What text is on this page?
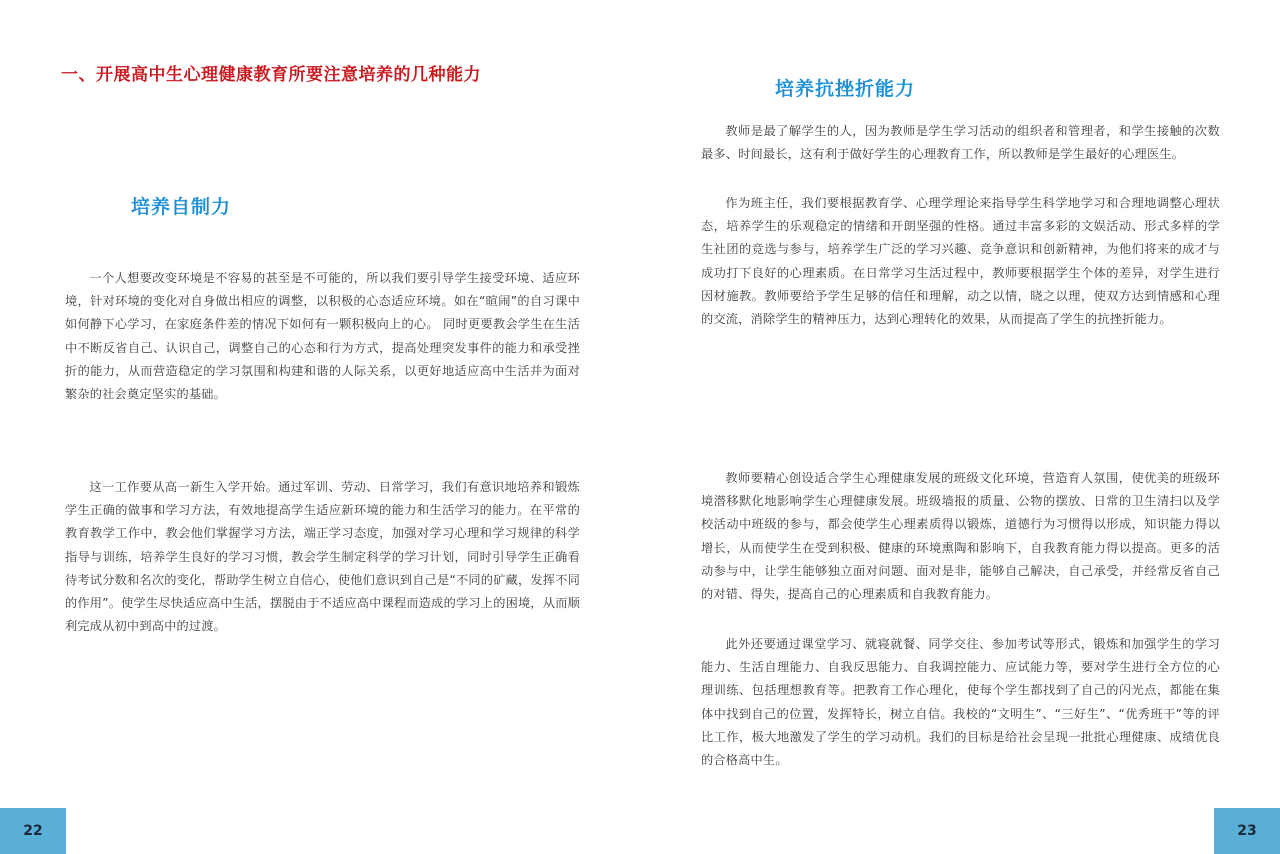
一、开展高中生心理健康教育所要注意培养的几种能力
培养自制力

一个人想要改变环境是不容易的甚至是不可能的，所以我们要引导学生接受环境、适应环境，针对环境的变化对自身做出相应的调整，以积极的心态适应环境。如在“暄闹”的自习课中如何静下心学习，在家庭条件差的情况下如何有一颗积极向上的心。 同时更要教会学生在生活中不断反省自己、认识自己，调整自己的心态和行为方式，提高处理突发事件的能力和承受挫折的能力，从而营造稳定的学习氛围和构建和谐的人际关系，以更好地适应高中生活并为面对繁杂的社会奠定坚实的基础。

这一工作要从高一新生入学开始。通过军训、劳动、日常学习，我们有意识地培养和锻炼学生正确的做事和学习方法，有效地提高学生适应新环境的能力和生活学习的能力。在平常的教育教学工作中，教会他们掌握学习方法，端正学习态度，加强对学习心理和学习规律的科学指导与训练，培养学生良好的学习习惯，教会学生制定科学的学习计划，同时引导学生正确看待考试分数和名次的变化，帮助学生树立自信心，使他们意识到自己是“不同的矿藏，发挥不同的作用”。使学生尽快适应高中生活，摆脱由于不适应高中课程而造成的学习上的困境，从而顺利完成从初中到高中的过渡。

22
培养抗挫折能力

教师是最了解学生的人，因为教师是学生学习活动的组织者和管理者，和学生接触的次数最多、时间最长，这有利于做好学生的心理教育工作，所以教师是学生最好的心理医生。

作为班主任，我们要根据教育学、心理学理论来指导学生科学地学习和合理地调整心理状态，培养学生的乐观稳定的情绪和开朗坚强的性格。通过丰富多彩的文娱活动、形式多样的学生社团的竞选与参与，培养学生广泛的学习兴趣、竞争意识和创新精神，为他们将来的成才与成功打下良好的心理素质。在日常学习生活过程中，教师要根据学生个体的差异，对学生进行因材施教。教师要给予学生足够的信任和理解，动之以情，晓之以理，使双方达到情感和心理的交流，消除学生的精神压力，达到心理转化的效果，从而提高了学生的抗挫折能力。

教师要精心创设适合学生心理健康发展的班级文化环境，营造育人氛围，使优美的班级环境潜移默化地影响学生心理健康发展。班级墙报的质量、公物的摆放、日常的卫生清扫以及学校活动中班级的参与，都会使学生心理素质得以锻炼，道德行为习惯得以形成，知识能力得以增长，从而使学生在受到积极、健康的环境熏陶和影响下，自我教育能力得以提高。更多的活动参与中，让学生能够独立面对问题、面对是非，能够自己解决，自己承受，并经常反省自己的对错、得失，提高自己的心理素质和自我教育能力。

此外还要通过课堂学习、就寝就餐、同学交往、参加考试等形式，锻炼和加强学生的学习能力、生活自理能力、自我反思能力、自我调控能力、应试能力等，要对学生进行全方位的心理训练、包括理想教育等。把教育工作心理化，使每个学生都找到了自己的闪光点，都能在集体中找到自己的位置，发挥特长，树立自信。我校的“文明生”、“三好生”、“优秀班干”等的评比工作，极大地激发了学生的学习动机。我们的目标是给社会呈现一批批心理健康、成绩优良的合格高中生。

23
